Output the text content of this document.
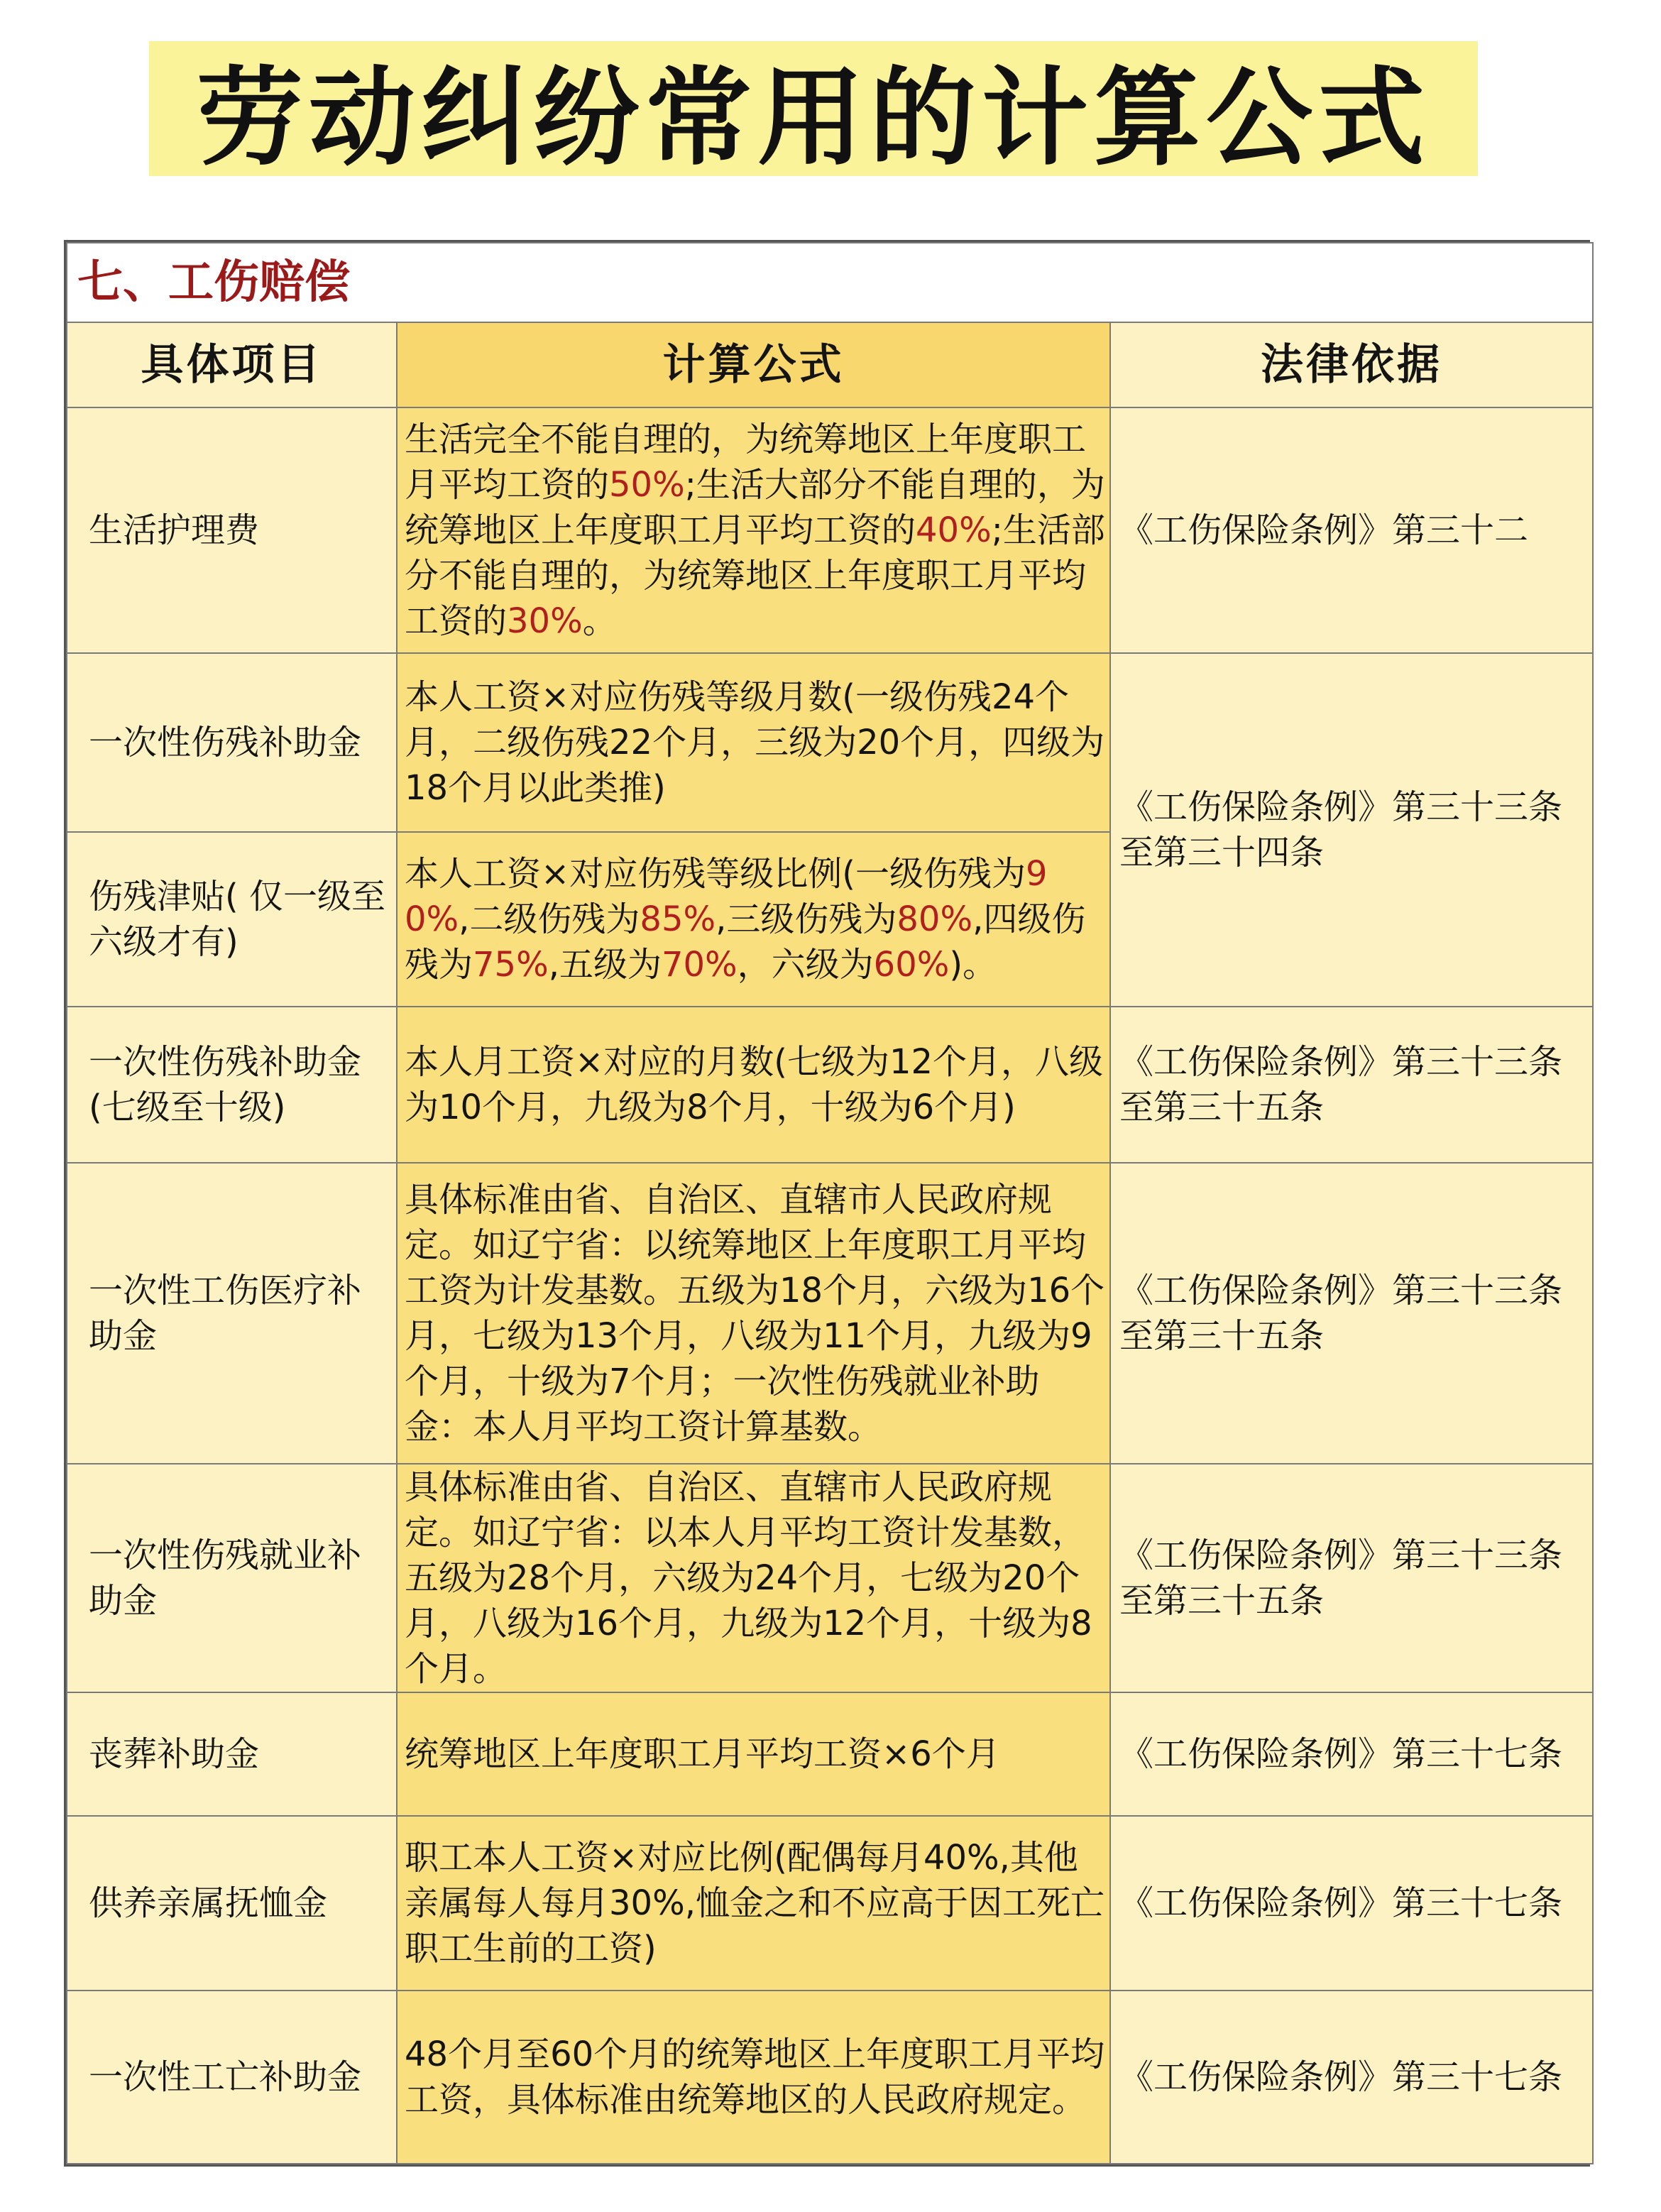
劳动纠纷常用的计算公式
七、工伤赔偿		
具体项目	计算公式	法律依据
生活护理费	生活完全不能自理的，为统筹地区上年度职工月平均工资的50%;生活大部分不能自理的，为统筹地区上年度职工月平均工资的40%;生活部分不能自理的，为统筹地区上年度职工月平均工资的30%。	《工伤保险条例》第三十二
一次性伤残补助金	本人工资×对应伤残等级月数(一级伤残24个月，二级伤残22个月，三级为20个月，四级为18个月以此类推)	《工伤保险条例》第三十三条至第三十四条
伤残津贴( 仅一级至六级才有)	本人工资×对应伤残等级比例(一级伤残为90%,二级伤残为85%,三级伤残为80%,四级伤残为75%,五级为70%，六级为60%)。	
一次性伤残补助金(七级至十级)	本人月工资×对应的月数(七级为12个月，八级为10个月，九级为8个月，十级为6个月)	《工伤保险条例》第三十三条至第三十五条
一次性工伤医疗补助金	具体标准由省、自治区、直辖市人民政府规定。如辽宁省：以统筹地区上年度职工月平均工资为计发基数。五级为18个月，六级为16个月，七级为13个月，八级为11个月，九级为9个月，十级为7个月；一次性伤残就业补助金：本人月平均工资计算基数。	《工伤保险条例》第三十三条至第三十五条
一次性伤残就业补助金	具体标准由省、自治区、直辖市人民政府规定。如辽宁省：以本人月平均工资计发基数，五级为28个月，六级为24个月，七级为20个月，八级为16个月，九级为12个月，十级为8个月。	《工伤保险条例》第三十三条至第三十五条
丧葬补助金	统筹地区上年度职工月平均工资×6个月	《工伤保险条例》第三十七条
供养亲属抚恤金	职工本人工资×对应比例(配偶每月40%,其他亲属每人每月30%,恤金之和不应高于因工死亡职工生前的工资)	《工伤保险条例》第三十七条
一次性工亡补助金	48个月至60个月的统筹地区上年度职工月平均工资，具体标准由统筹地区的人民政府规定。	《工伤保险条例》第三十七条
